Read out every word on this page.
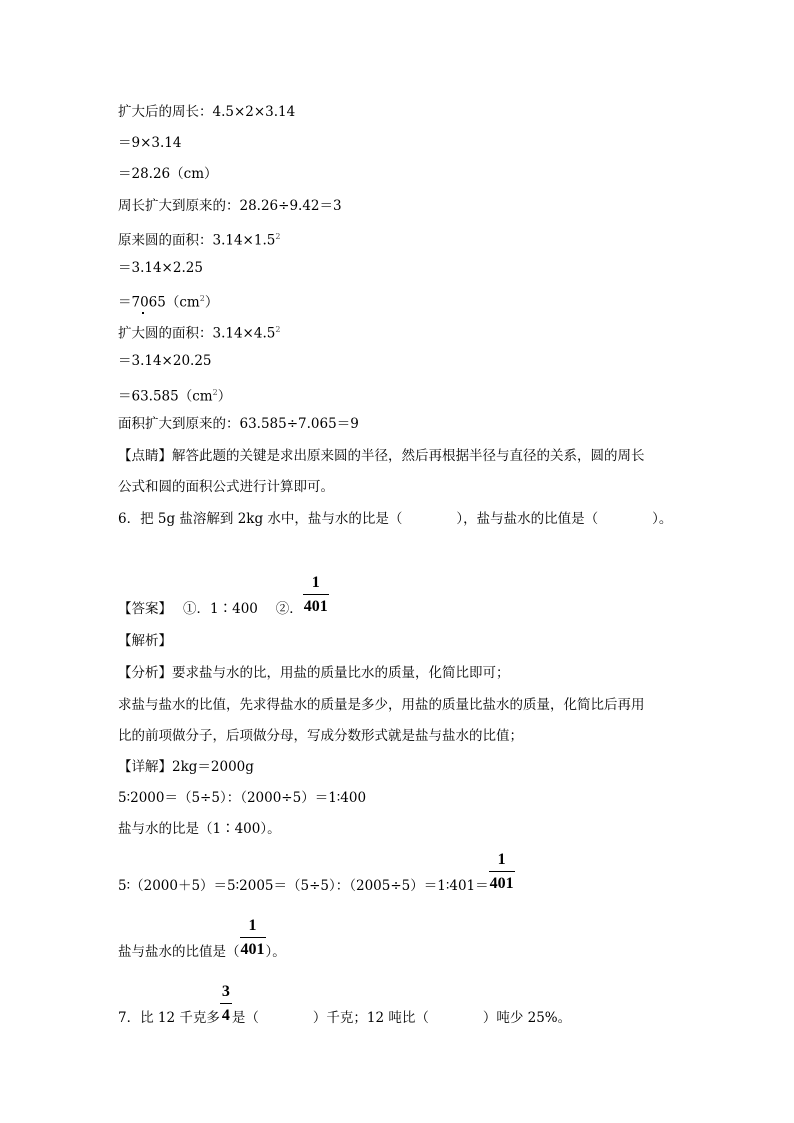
扩大后的周长：4.5×2×3.14
＝9×3.14
＝28.26（cm）
周长扩大到原来的：28.26÷9.42＝3
原来圆的面积：$3.14\times 1.5^2$
＝3.14×2.25
$=7065(cm^2)$
扩大圆的面积：$3.14\times 4.5^2$
＝3.14×20.25
$=63.585(cm^2)$
面积扩大到原来的：63.585÷7.065＝9
【点睛】解答此题的关键是求出原来圆的半径，然后再根据半径与直径的关系，圆的周长
公式和圆的面积公式进行计算即可。
6．把 5g 盐溶解到 2kg 水中，盐与水的比是（　　　　），盐与盐水的比值是（　　　　）。
【答案】　 ①．1∶400　 ②． $\frac{1}{401}$
【解析】
【分析】要求盐与水的比，用盐的质量比水的质量，化简比即可；
求盐与盐水的比值，先求得盐水的质量是多少，用盐的质量比盐水的质量，化简比后再用
比的前项做分子，后项做分母，写成分数形式就是盐与盐水的比值；
【详解】2kg＝2000g
5∶2000＝（5÷5）：（2000÷5）＝1∶400
盐与水的比是（1∶400）。
5∶（2000＋5）＝5∶2005＝（5÷5）：（2005÷5）＝1∶401＝ $\frac{1}{401}$
盐与盐水的比值是（ $\frac{1}{401}$ ）。
7．比 12 千克多 $\frac{3}{4}$ 是（　　　　）千克；12 吨比（　　　　）吨少 25%。
